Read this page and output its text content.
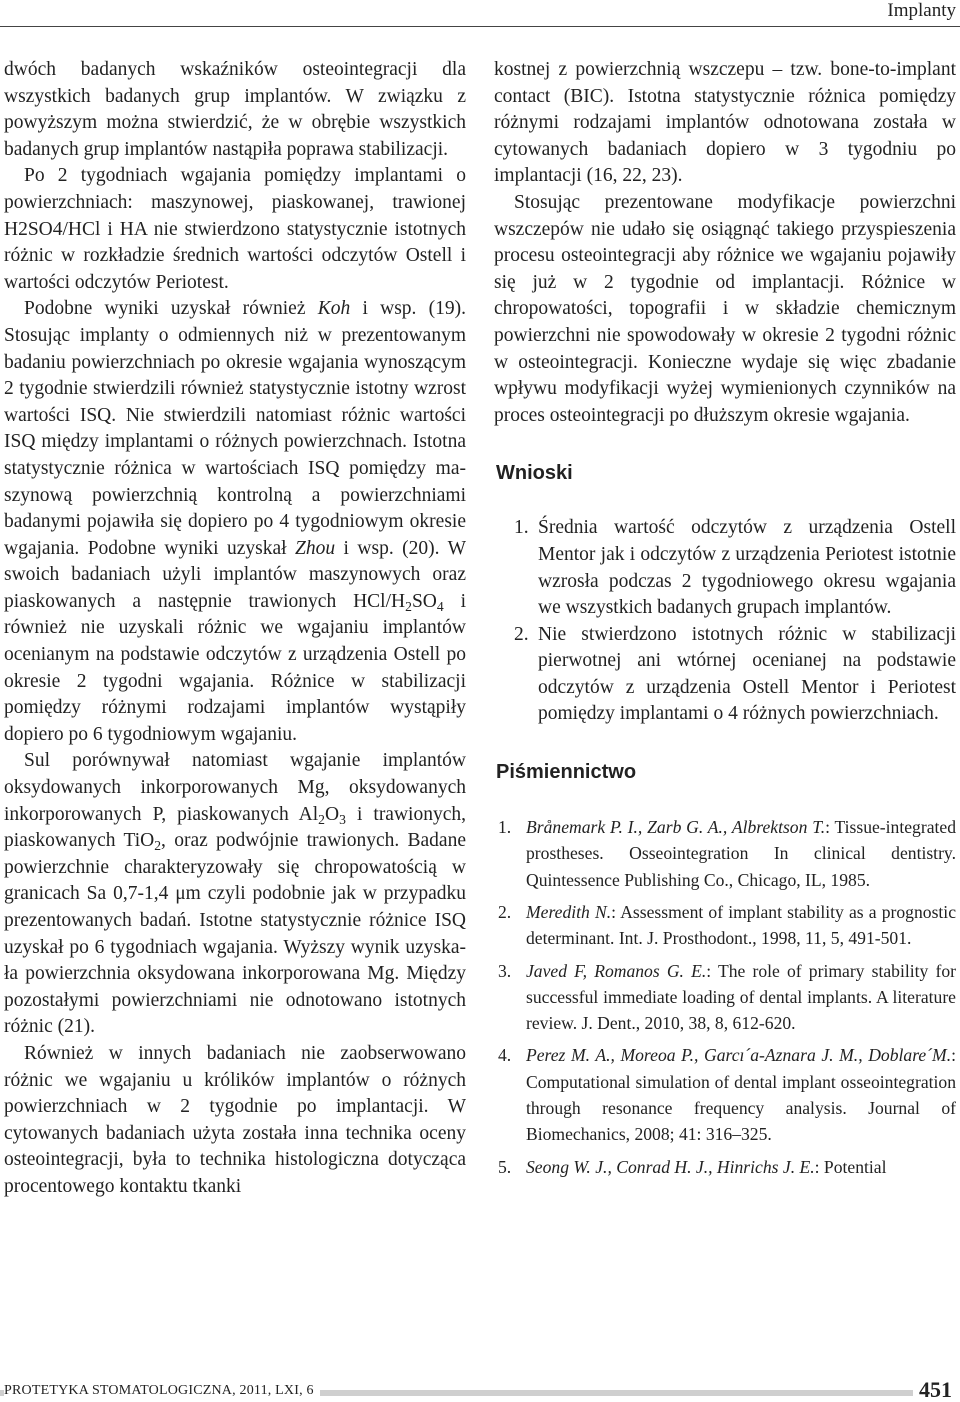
Implanty

dwóch badanych wskaźników osteointegracji dla wszystkich badanych grup implantów. W związku z powyższym można stwierdzić, że w obrębie wszystkich badanych grup implantów nastąpiła poprawa stabilizacji.

Po 2 tygodniach wgajania pomiędzy implantami o powierzchniach: maszynowej, piaskowanej, trawionej H2SO4/HCl i HA nie stwierdzono statystycznie istotnych różnic w rozkładzie średnich wartości odczytów Ostell i wartości odczytów Periotest.

Podobne wyniki uzyskał również Koh i wsp. (19). Stosując implanty o odmiennych niż w prezentowanym badaniu powierzchniach po okresie wgajania wynoszącym 2 tygodnie stwierdzili również statystycznie istotny wzrost wartości ISQ. Nie stwierdzili natomiast różnic wartości ISQ między implantami o różnych powierzchnach. Istotna statystycznie różnica w wartościach ISQ pomiędzy maszynową powierzchnią kontrolną a powierzchniami badanymi pojawiła się dopiero po 4 tygodniowym okresie wgajania. Podobne wyniki uzyskał Zhou i wsp. (20). W swoich badaniach użyli implantów maszynowych oraz piaskowanych a następnie trawionych HCl/$H_2SO_4$ i również nie uzyskali różnic we wgajaniu implantów ocenianym na podstawie odczytów z urządzenia Ostell po okresie 2 tygodni wgajania. Różnice w stabilizacji pomiędzy różnymi rodzajami implantów wystąpiły dopiero po 6 tygodniowym wgajaniu.

Sul porównywał natomiast wgajanie implantów oksydowanych inkorporowanych Mg, oksydowanych inkorporowanych P, piaskowanych $Al_2O_3$ i trawionych, piaskowanych TiO$_2$, oraz podwójnie trawionych. Badane powierzchnie charakteryzowały się chropowatością w granicach Sa 0,7-1,4 μm czyli podobnie jak w przypadku prezentowanych badań. Istotne statystycznie różnice ISQ uzyskał po 6 tygodniach wgajania. Wyższy wynik uzyskała powierzchnia oksydowana inkorporowana Mg. Między pozostałymi powierzchniami nie odnotowano istotnych różnic (21).

Również w innych badaniach nie zaobserwowano różnic we wgajaniu u królików implantów o różnych powierzchniach w 2 tygodnie po implantacji. W cytowanych badaniach użyta została inna technika oceny osteointegracji, była to technika histologiczna dotycząca procentowego kontaktu tkanki

kostnej z powierzchnią wszczepu – tzw. bone-to-implant contact (BIC). Istotna statystycznie różnica pomiędzy różnymi rodzajami implantów odnotowana została w cytowanych badaniach dopiero w 3 tygodniu po implantacji (16, 22, 23).

Stosując prezentowane modyfikacje powierzchni wszczepów nie udało się osiągnąć takiego przyspieszenia procesu osteointegracji aby różnice we wgajaniu pojawiły się już w 2 tygodnie od implantacji. Różnice w chropowatości, topografii i w składzie chemicznym powierzchni nie spowodowały w okresie 2 tygodni różnic w osteointegracji. Konieczne wydaje się więc zbadanie wpływu modyfikacji wyżej wymienionych czynników na proces osteointegracji po dłuższym okresie wgajania.

Wnioski
1. Średnia wartość odczytów z urządzenia Ostell Mentor jak i odczytów z urządzenia Periotest istotnie wzrosła podczas 2 tygodniowego okresu wgajania we wszystkich badanych grupach implantów.
2. Nie stwierdzono istotnych różnic w stabilizacji pierwotnej ani wtórnej ocenianej na podstawie odczytów z urządzenia Ostell Mentor i Periotest pomiędzy implantami o 4 różnych powierzchniach.
Piśmiennictwo
1. Brånemark P. I., Zarb G. A., Albrektson T.: Tissue-integrated prostheses. Osseointegration In clinical dentistry. Quintessence Publishing Co., Chicago, IL, 1985.
2. Meredith N.: Assessment of implant stability as a prognostic determinant. Int. J. Prosthodont., 1998, 11, 5, 491-501.
3. Javed F, Romanos G. E.: The role of primary stability for successful immediate loading of dental implants. A literature review. J. Dent., 2010, 38, 8, 612-620.
4. Perez M. A., Moreoa P., Garcı´a-Aznara J. M., Doblare´M.: Computational simulation of dental implant osseointegration through resonance frequency analysis. Journal of Biomechanics, 2008; 41: 316–325.
5. Seong W. J., Conrad H. J., Hinrichs J. E.: Potential
PROTETYKA STOMATOLOGICZNA, 2011, LXI, 6	451
